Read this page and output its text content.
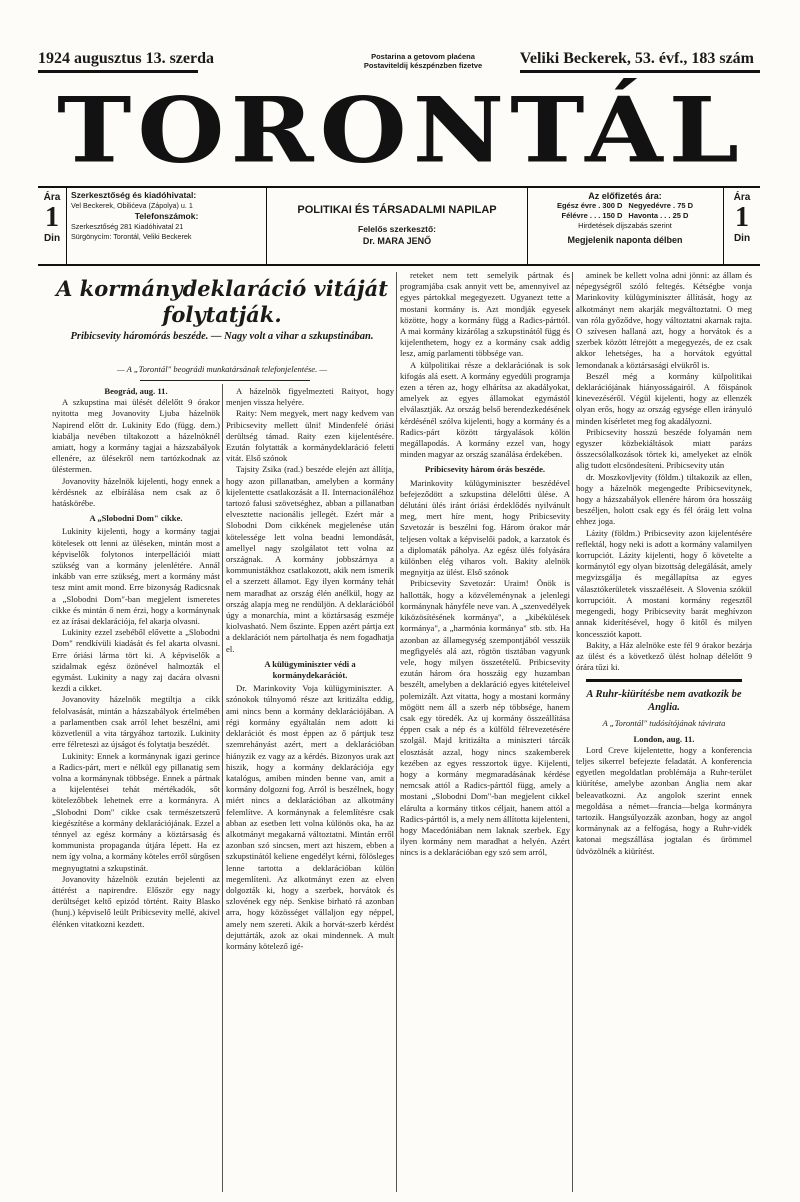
1924 augusztus 13. szerda	Postarina a getovom plaćena
Postaviteldij készpénzben fizetve	Veliki Beckerek, 53. évf., 183 szám
TORONTÁL
Ára
1
Din
Szerkesztőség és kiadóhivatal:
Vel Beckerek, Obilićeva (Zápolya) u. 1
Telefonszámok:
Szerkesztőség 281 Kiadóhivatal 21
Sürgönycím: Torontál, Veliki Beckerek
POLITIKAI ÉS TÁRSADALMI NAPILAP
Felelős szerkesztő:
Dr. MARA JENŐ
Az előfizetés ára:
Egész évre . 300 D Negyedévre . 75 D
Félévre . . . 150 D Havonta . . . 25 D
Hirdetések díjszabás szerint
Megjelenik naponta délben
Ára
1
Din
A kormánydeklaráció vitáját folytatják.
Pribicsevity háromórás beszéde. — Nagy volt a vihar a szkupstinában.
— A „Torontál" beográdi munkatársának telefonjelentése. —

Beográd, aug. 11.

A szkupstina mai ülését délelőtt 9 órakor nyitotta meg Jovanovity Ljuba házelnök Napirend előtt dr. Lukinity Edo (függ. dem.) kiabálja nevében tiltakozott a házelnöknél amiatt, hogy a kormány tagjai a házszabályok ellenére, az ülésekről nem tartózkodnak az üléstermen.

Jovanovity házelnök kijelenti, hogy ennek a kérdésnek az elbírálása nem csak az ő hatáskörébe.

A „Slobodni Dom" cikke.

Lukinity kijelenti, hogy a kormány tagjai kötelesek ott lenni az üléseken, mintán most a képviselők folytonos interpellációi miatt szükség van a kormány jelenlétére. Annál inkább van erre szükség, mert a kormány mást tesz mint amit mond. Erre bizonyság Radicsnak a „Slobodni Dom"-ban megjelent ismeretes cikke és mintán ő nem érzi, hogy a kormánynak ez az írásai deklarációja, fel akarja olvasni.

Lukinity ezzel zsebéből elővette a „Slobodni Dom" rendkívüli kiadását és fel akarta olvasni. Erre óriási lárma tört ki. A képviselők a szidalmak egész özönével halmozták el egymást. Lukinity a nagy zaj dacára olvasni kezdi a cikket.

Jovanovity házelnök megtiltja a cikk felolvasását, mintán a házszabályok értelmében a parlamentben csak arról lehet beszélni, ami közvetlenül a vita tárgyához tartozik. Lukinity erre félreteszi az újságot és folytatja beszédét.

Lukinity: Ennek a kormánynak igazi gerince a Radics-párt, mert e nélkül egy pillanatig sem volna a kormánynak többsége. Ennek a pártnak a kijelentései tehát mértékadók, sőt kötelezőbbek lehetnek erre a kormányra. A „Slobodni Dom" cikke csak természetszerű kiegészítése a kormány deklarációjának. Ezzel a ténnyel az egész kormány a köztársaság és kommunista propaganda útjára lépett. Ha ez nem így volna, a kormány köteles erről sürgősen megnyugtatni a szkupstinát.

Jovanovity házelnök ezután bejelenti az áttérést a napirendre. Először egy nagy derültséget keltő epizód történt. Raity Blasko (hunj.) képviselő leült Pribicsevity mellé, akivel élénken vitatkozni kezdett.

A házelnök figyelmezteti Raityot, hogy menjen vissza helyére.

Raity: Nem megyek, mert nagy kedvem van Pribicsevity mellett ülni! Mindenfelé óriási derültség támad. Raity ezen kijelentésére. Ezután folytatták a kormánydeklaráció feletti vitát. Első szónok

Tajsity Zsika (rad.) beszéde elején azt állítja, hogy azon pillanatban, amelyben a kormány kijelentette csatlakozását a II. Internacionáléhoz tartozó falusi szövetséghez, abban a pillanatban elvesztette nacionális jellegét. Ezért már a Slobodni Dom cikkének megjelenése után kötelessége lett volna beadni lemondását, amellyel nagy szolgálatot tett volna az országnak. A kormány jobbszárnya a kommunistákhoz csatlakozott, akik nem ismerik el a szerzett államot. Egy ilyen kormány tehát nem maradhat az ország élén anélkül, hogy az ország alapja meg ne rendüljön. A deklarációból úgy a monarchia, mint a köztársaság eszméje kiolvasható. Nem őszinte. Eppen azért pártja ezt a deklarációt nem pártolhatja és nem fogadhatja el.

A külügyminiszter védi a kormánydekarációt.

Dr. Marinkovity Voja külügyminiszter. A szónokok túlnyomó része azt kritizálta eddig, ami nincs benn a kormány deklarációjában. A régi kormány egyáltalán nem adott ki deklarációt és most éppen az ő pártjuk tesz szemrehányást azért, mert a deklarációban hiányzik ez vagy az a kérdés. Bizonyos urak azt hiszik, hogy a kormány deklarációja egy katalógus, amiben minden benne van, amit a kormány dolgozni fog. Arról is beszélnek, hogy miért nincs a deklarációban az alkotmány felemlítve. A kormánynak a felemlítésre csak abban az esetben lett volna különös oka, ha az alkotmányt megakarná változtatni. Mintán erről azonban szó sincsen, mert azt hiszem, ebben a szkupstinától keliene engedélyt kérni, fölösleges lenne tartotta a deklarációban külön megemlíteni. Az alkotmányt ezen az elven dolgozták ki, hogy a szerbek, horvátok és szlovének egy nép. Senkise birható rá azonban arra, hogy közösséget vállaljon egy néppel, amely nem szereti. Akik a horvát-szerb kérdést dejuttárták, azok az okai mindennek. A mult kormány kötelező igé-

reteket nem tett semelyik pártnak és programjába csak annyit vett be, amennyivel az egyes pártokkal megegyezett. Ugyanezt tette a mostani kormány is. Azt mondják egyesek közötte, hogy a kormány függ a Radics-párttól. A mai kormány kizárólag a szkupstinától függ és kijelenthetem, hogy ez a kormány csak addig lesz, amíg parlamenti többsége van.

A külpolitikai része a deklarációnak is sok kifogás alá esett. A kormány egyedüli programja ezen a téren az, hogy elhárítsa az akadályokat, amelyek az egyes államokat egymástól elválasztják. Az ország belső berendezkedésének kérdésénél szólva kijelenti, hogy a kormány és a Radics-párt között tárgyalások kölön megállapodás. A kormány ezzel van, hogy minden magyar az ország szanálása érdekében.

Pribicsevity három órás beszéde.

Marinkovity külügyminiszter beszédével befejeződött a szkupstina délelőtti ülése. A délutáni ülés iránt óriási érdeklődés nyilvánult meg, mert híre ment, hogy Pribicsevity Szvetozár is beszélni fog. Három órakor már teljesen voltak a képviselői padok, a karzatok és a diplomaták páholya. Az egész ülés folyására különben elég viharos volt. Bakity alelnök megnyitja az ülést. Első szónok

Pribicsevity Szvetozár: Uraim! Önök is hallották, hogy a közvéleménynak a jelenlegi kormánynak hányféle neve van. A „szenvedélyek kiközösítésének kormánya", a „kibékülések kormánya", a „harmónia kormánya" stb. stb. Ha azonban az államegység szempontjából vesszük megfigyelés alá azt, rögtön tisztában vagyunk vele, hogy milyen összetételű. Pribicsevity ezután három óra hosszáig egy huzamban beszélt, amelyben a deklaráció egyes kitételeivel polemizált. Azt vitatta, hogy a mostani kormány mögött nem áll a szerb nép többsége, hanem csak egy töredék. Az uj kormány összeállítása éppen csak a nép és a külföld félrevezetésére szolgál. Majd kritizálta a miniszteri tárcák elosztását azzal, hogy nincs szakemberek kezében az egyes resszortok ügye. Kijelenti, hogy a kormány megmaradásának kérdése nemcsak attól a Radics-párttól függ, amely a mostani „Slobodni Dom"-ban megjelent cikkel elárulta a kormány titkos céljait, hanem attól a Radics-párttól is, a mely nem állította kijelenteni, hogy Macedóniában nem laknak szerbek. Egy ilyen kormány nem maradhat a helyén. Azért nincs is a deklarációban egy szó sem arról,

aminek be kellett volna adni jönni: az állam és népegységről szóló feltegés. Kétségbe vonja Marinkovity külügyminiszter állítását, hogy az alkotmányt nem akarják megváltoztatni. O meg van róla győződve, hogy változtatni akarnak rajta. O szívesen hallaná azt, hogy a horvátok és a szerbek között létrejött a megegyezés, de ez csak akkor lehetséges, ha a horvátok egyúttal lemondanak a köztársasági elvükről is.

Beszél még a kormány külpolitikai deklarációjának hiányosságairól. A főispánok kinevezéséről. Végül kijelenti, hogy az ellenzék olyan erős, hogy az ország egysége ellen irányuló minden kísérletet meg fog akadályozni.

Pribicsevity hosszú beszéde folyamán nem egyszer közbekiáltások miatt parázs összecsólalkozások törtek ki, amelyeket az elnök alig tudott elcsöndesíteni. Pribicsevity után

dr. Moszkovljevity (földm.) tiltakozik az ellen, hogy a házelnök megengedte Pribicsevitynek, hogy a házszabályok ellenére három óra hosszáig beszéljen, holott csak egy és fél óráig lett volna ehhez joga.

Lázity (földm.) Pribicsevity azon kijelentésére reflektál, hogy neki is adott a kormány valamilyen korrupciót. Lázity kijelenti, hogy ő követelte a kormánytól egy olyan bizottság delegálását, amely megvizsgálja és megállapítsa az egyes választókerületek visszaéléseit. A Slovenia szókül korrupcióit. A mostani kormány regesztől megengedi, hogy Pribicsevity barát meghívzon annak kiderítésével, hogy ő kitől és milyen koncessziót kapott.

Bakity, a Ház alelnöke este fél 9 órakor bezárja az ülést és a következő ülést holnap délelőtt 9 órára tűzi ki.

A Ruhr-kiürítésbe nem avatkozik be Anglia.
A „Torontál" tudósítójának távirata

London, aug. 11.

Lord Creve kijelentette, hogy a konferencia teljes sikerrel befejezte feladatát. A konferencia egyetlen megoldatlan problémája a Ruhr-terület kiürítése, amelybe azonban Anglia nem akar beleavatkozni. Az angolok szerint ennek megoldása a német—francia—belga kormányra tartozik. Hangsúlyozzák azonban, hogy az angol kormánynak az a felfogása, hogy a Ruhr-vidék katonai megszállása jogtalan és ürömmel üdvözölnék a kiürítést.
